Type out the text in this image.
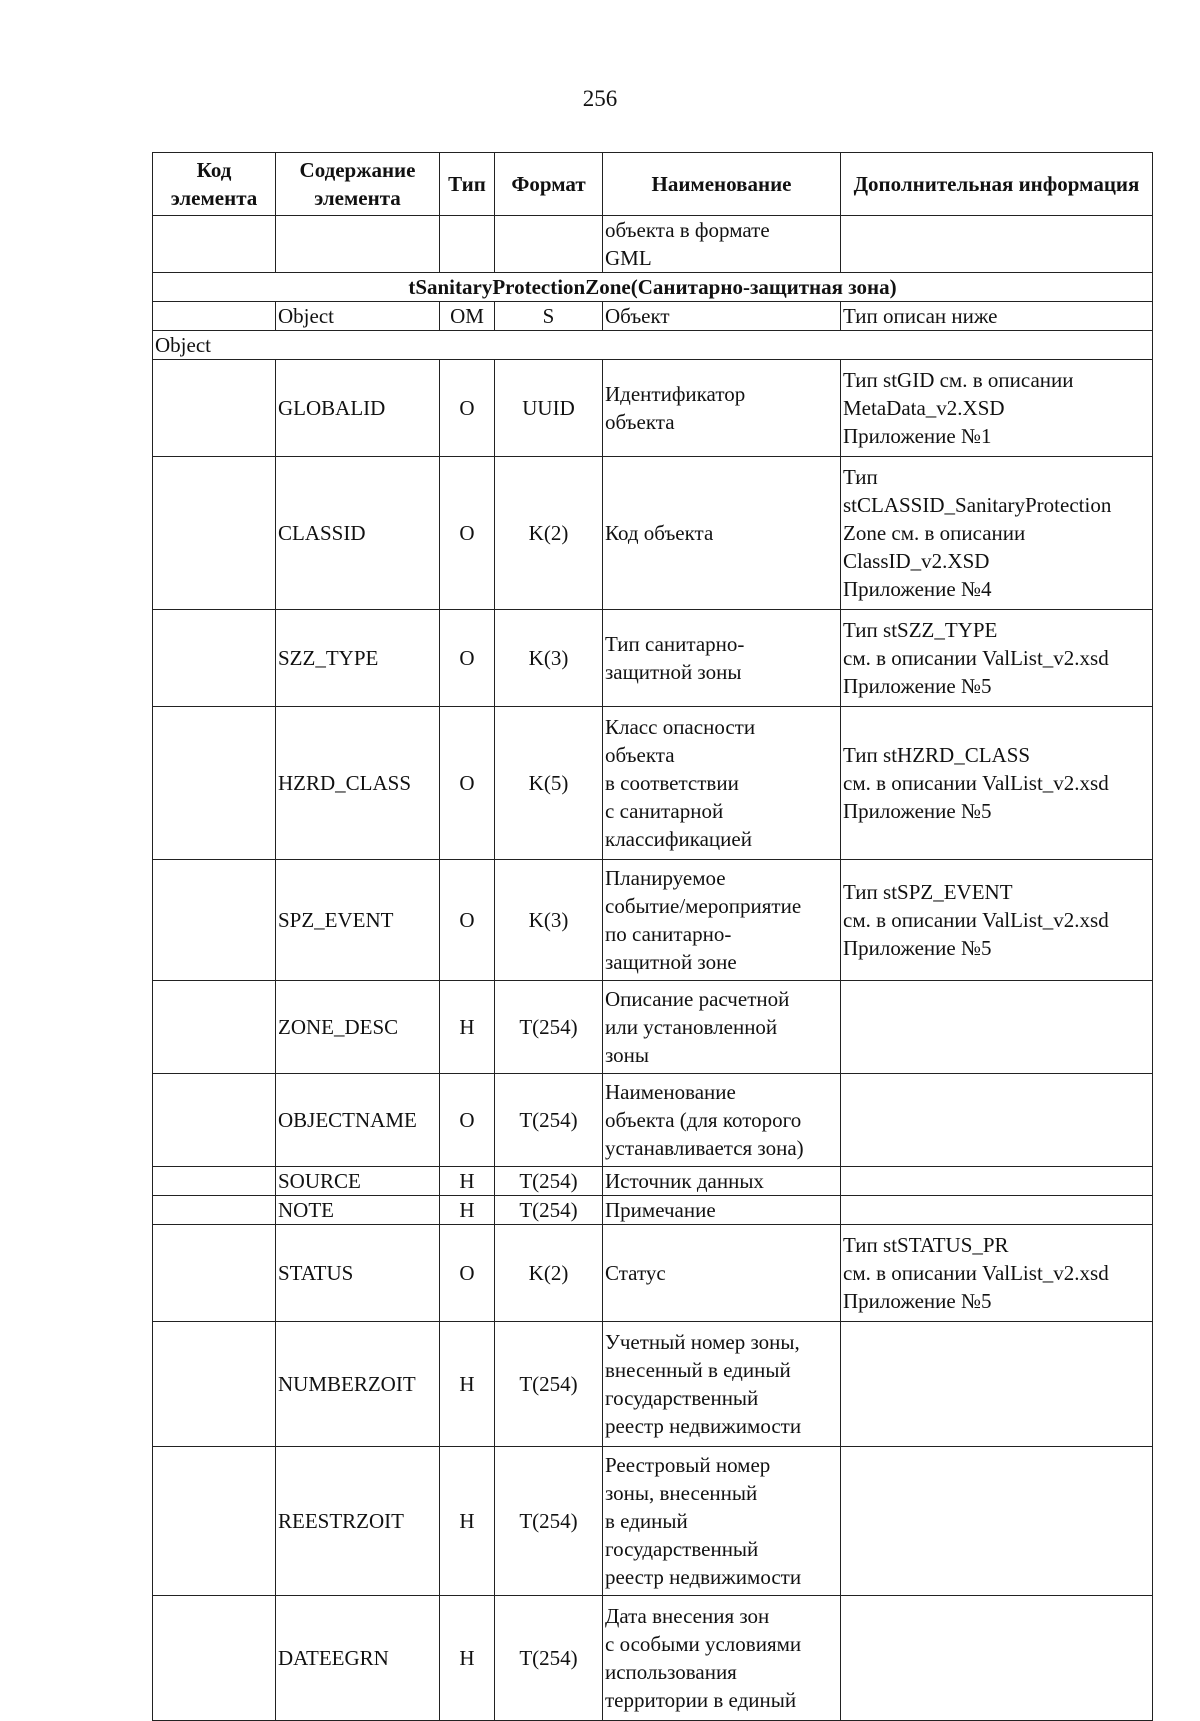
256
Код элемента	Содержание элемента	Тип	Формат	Наименование	Дополнительная информация

				объекта в формате
GML	

tSanitaryProtectionZone(Санитарно-защитная зона)					
	Object	OM	S	Объект	Тип описан ниже
Object					

	GLOBALID	O	UUID	Идентификатор
объекта	Тип stGID см. в описании
MetaData_v2.XSD
Приложение №1

	CLASSID	O	K(2)	Код объекта	Тип
stCLASSID_SanitaryProtection
Zone см. в описании
ClassID_v2.XSD
Приложение №4

	SZZ_TYPE	O	K(3)	Тип санитарно-
защитной зоны	Тип stSZZ_TYPE
см. в описании ValList_v2.xsd
Приложение №5

	HZRD_CLASS	O	K(5)	Класс опасности
объекта
в соответствии
с санитарной
классификацией	Тип stHZRD_CLASS
см. в описании ValList_v2.xsd
Приложение №5

	SPZ_EVENT	O	K(3)	Планируемое
событие/мероприятие
по санитарно-
защитной зоне	Тип stSPZ_EVENT
см. в описании ValList_v2.xsd
Приложение №5

	ZONE_DESC	H	T(254)	Описание расчетной
или установленной
зоны	

	OBJECTNAME	O	T(254)	Наименование
объекта (для которого
устанавливается зона)	

	SOURCE	H	T(254)	Источник данных	

	NOTE	H	T(254)	Примечание	

	STATUS	O	K(2)	Статус	Тип stSTATUS_PR
см. в описании ValList_v2.xsd
Приложение №5

	NUMBERZOIT	H	T(254)	Учетный номер зоны,
внесенный в единый
государственный
реестр недвижимости	

	REESTRZOIT	H	T(254)	Реестровый номер
зоны, внесенный
в единый
государственный
реестр недвижимости	

	DATEEGRN	H	T(254)	Дата внесения зон
с особыми условиями
использования
территории в единый	
